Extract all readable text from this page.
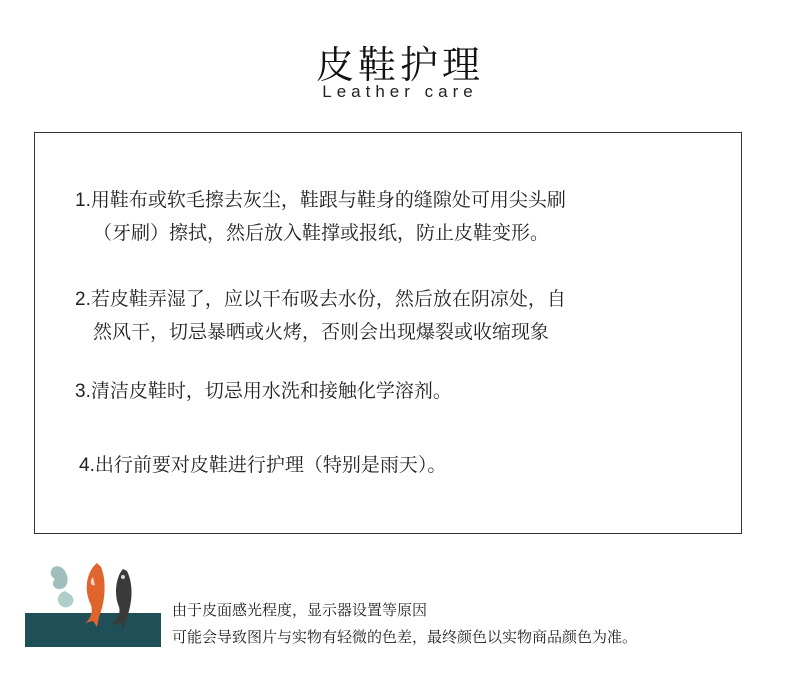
皮鞋护理
Leather care
1.用鞋布或软毛擦去灰尘，鞋跟与鞋身的缝隙处可用尖头刷
（牙刷）擦拭，然后放入鞋撑或报纸，防止皮鞋变形。
2.若皮鞋弄湿了，应以干布吸去水份，然后放在阴凉处，自
然风干，切忌暴晒或火烤，否则会出现爆裂或收缩现象
3.清洁皮鞋时，切忌用水洗和接触化学溶剂。
4.出行前要对皮鞋进行护理（特别是雨天）。
由于皮面感光程度，显示器设置等原因
可能会导致图片与实物有轻微的色差，最终颜色以实物商品颜色为准。
